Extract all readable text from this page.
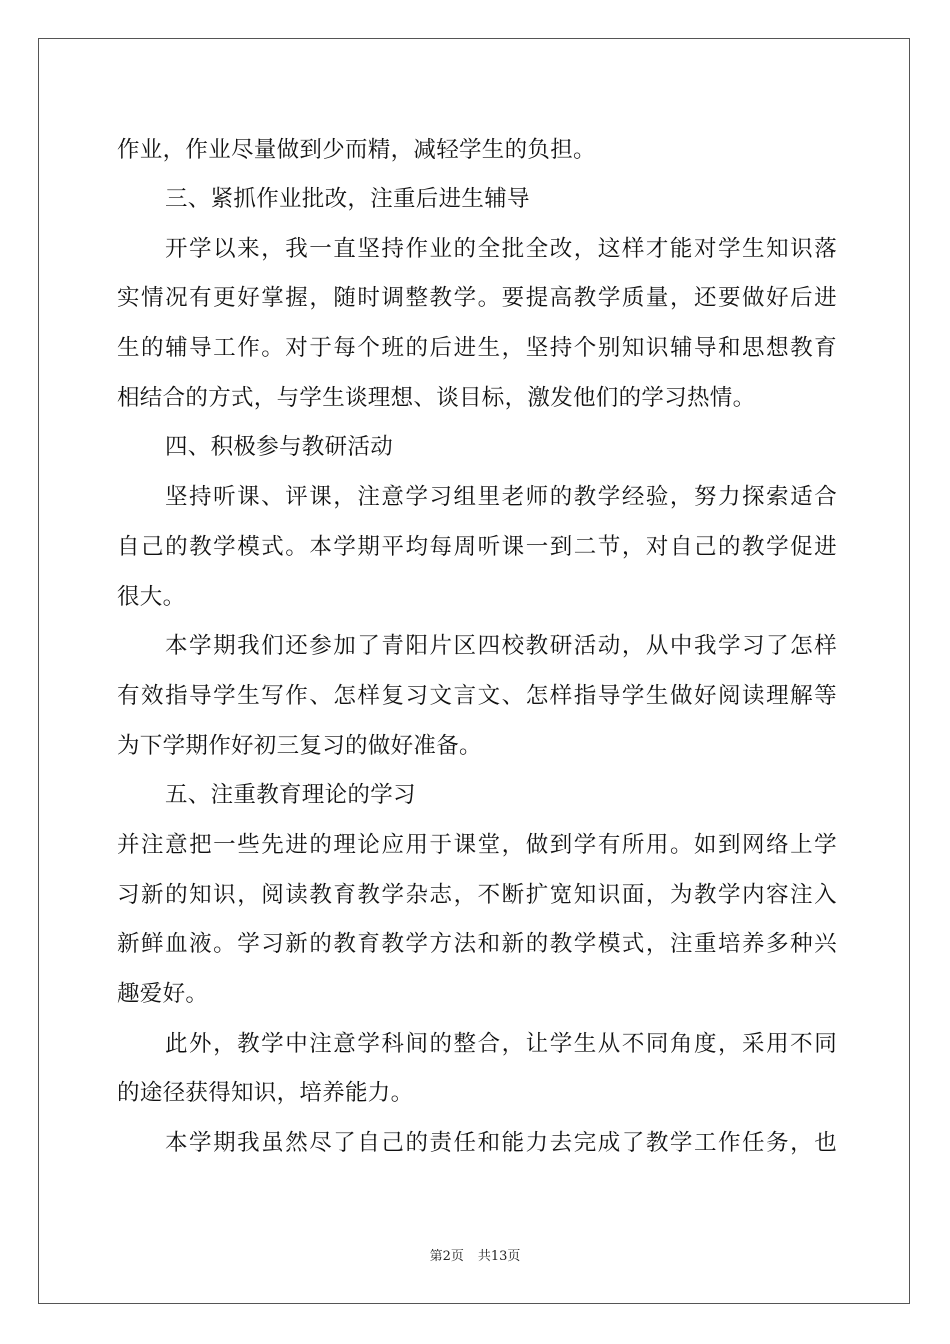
作业，作业尽量做到少而精，减轻学生的负担。
三、紧抓作业批改，注重后进生辅导
开学以来，我一直坚持作业的全批全改，这样才能对学生知识落
实情况有更好掌握，随时调整教学。要提高教学质量，还要做好后进
生的辅导工作。对于每个班的后进生，坚持个别知识辅导和思想教育
相结合的方式，与学生谈理想、谈目标，激发他们的学习热情。
四、积极参与教研活动
坚持听课、评课，注意学习组里老师的教学经验，努力探索适合
自己的教学模式。本学期平均每周听课一到二节，对自己的教学促进
很大。
本学期我们还参加了青阳片区四校教研活动，从中我学习了怎样
有效指导学生写作、怎样复习文言文、怎样指导学生做好阅读理解等
为下学期作好初三复习的做好准备。
五、注重教育理论的学习
并注意把一些先进的理论应用于课堂，做到学有所用。如到网络上学
习新的知识，阅读教育教学杂志，不断扩宽知识面，为教学内容注入
新鲜血液。学习新的教育教学方法和新的教学模式，注重培养多种兴
趣爱好。
此外，教学中注意学科间的整合，让学生从不同角度，采用不同
的途径获得知识，培养能力。
本学期我虽然尽了自己的责任和能力去完成了教学工作任务，也
第2页 共13页
